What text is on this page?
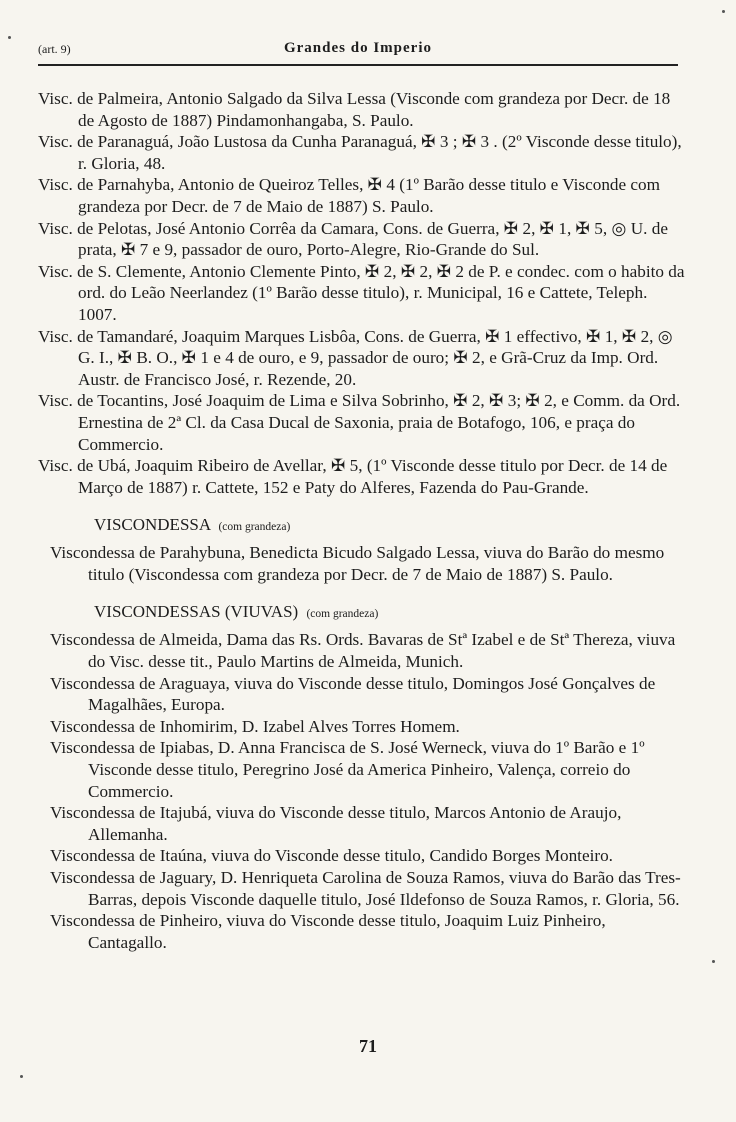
(art. 9)	Grandes do Imperio

Visc. de Palmeira, Antonio Salgado da Silva Lessa (Visconde com grandeza por Decr. de 18 de Agosto de 1887) Pindamonhangaba, S. Paulo.

Visc. de Paranaguá, João Lustosa da Cunha Paranaguá, ✠ 3 ; ✠ 3 . (2º Visconde desse titulo), r. Gloria, 48.

Visc. de Parnahyba, Antonio de Queiroz Telles, ✠ 4 (1º Barão desse titulo e Visconde com grandeza por Decr. de 7 de Maio de 1887) S. Paulo.

Visc. de Pelotas, José Antonio Corrêa da Camara, Cons. de Guerra, ✠ 2, ✠ 1, ✠ 5, ◎ U. de prata, ✠ 7 e 9, passador de ouro, Porto-Alegre, Rio-Grande do Sul.

Visc. de S. Clemente, Antonio Clemente Pinto, ✠ 2, ✠ 2, ✠ 2 de P. e condec. com o habito da ord. do Leão Neerlandez (1º Barão desse titulo), r. Municipal, 16 e Cattete, Teleph. 1007.

Visc. de Tamandaré, Joaquim Marques Lisbôa, Cons. de Guerra, ✠ 1 effectivo, ✠ 1, ✠ 2, ◎ G. I., ✠ B. O., ✠ 1 e 4 de ouro, e 9, passador de ouro; ✠ 2, e Grã-Cruz da Imp. Ord. Austr. de Francisco José, r. Rezende, 20.

Visc. de Tocantins, José Joaquim de Lima e Silva Sobrinho, ✠ 2, ✠ 3; ✠ 2, e Comm. da Ord. Ernestina de 2ª Cl. da Casa Ducal de Saxonia, praia de Botafogo, 106, e praça do Commercio.

Visc. de Ubá, Joaquim Ribeiro de Avellar, ✠ 5, (1º Visconde desse titulo por Decr. de 14 de Março de 1887) r. Cattete, 152 e Paty do Alferes, Fazenda do Pau-Grande.

VISCONDESSA (com grandeza)

Viscondessa de Parahybuna, Benedicta Bicudo Salgado Lessa, viuva do Barão do mesmo titulo (Viscondessa com grandeza por Decr. de 7 de Maio de 1887) S. Paulo.

VISCONDESSAS (VIUVAS) (com grandeza)

Viscondessa de Almeida, Dama das Rs. Ords. Bavaras de Stª Izabel e de Stª Thereza, viuva do Visc. desse tit., Paulo Martins de Almeida, Munich.

Viscondessa de Araguaya, viuva do Visconde desse titulo, Domingos José Gonçalves de Magalhães, Europa.

Viscondessa de Inhomirim, D. Izabel Alves Torres Homem.

Viscondessa de Ipiabas, D. Anna Francisca de S. José Werneck, viuva do 1º Barão e 1º Visconde desse titulo, Peregrino José da America Pinheiro, Valença, correio do Commercio.

Viscondessa de Itajubá, viuva do Visconde desse titulo, Marcos Antonio de Araujo, Allemanha.

Viscondessa de Itaúna, viuva do Visconde desse titulo, Candido Borges Monteiro.

Viscondessa de Jaguary, D. Henriqueta Carolina de Souza Ramos, viuva do Barão das Tres-Barras, depois Visconde daquelle titulo, José Ildefonso de Souza Ramos, r. Gloria, 56.

Viscondessa de Pinheiro, viuva do Visconde desse titulo, Joaquim Luiz Pinheiro, Cantagallo.

71
